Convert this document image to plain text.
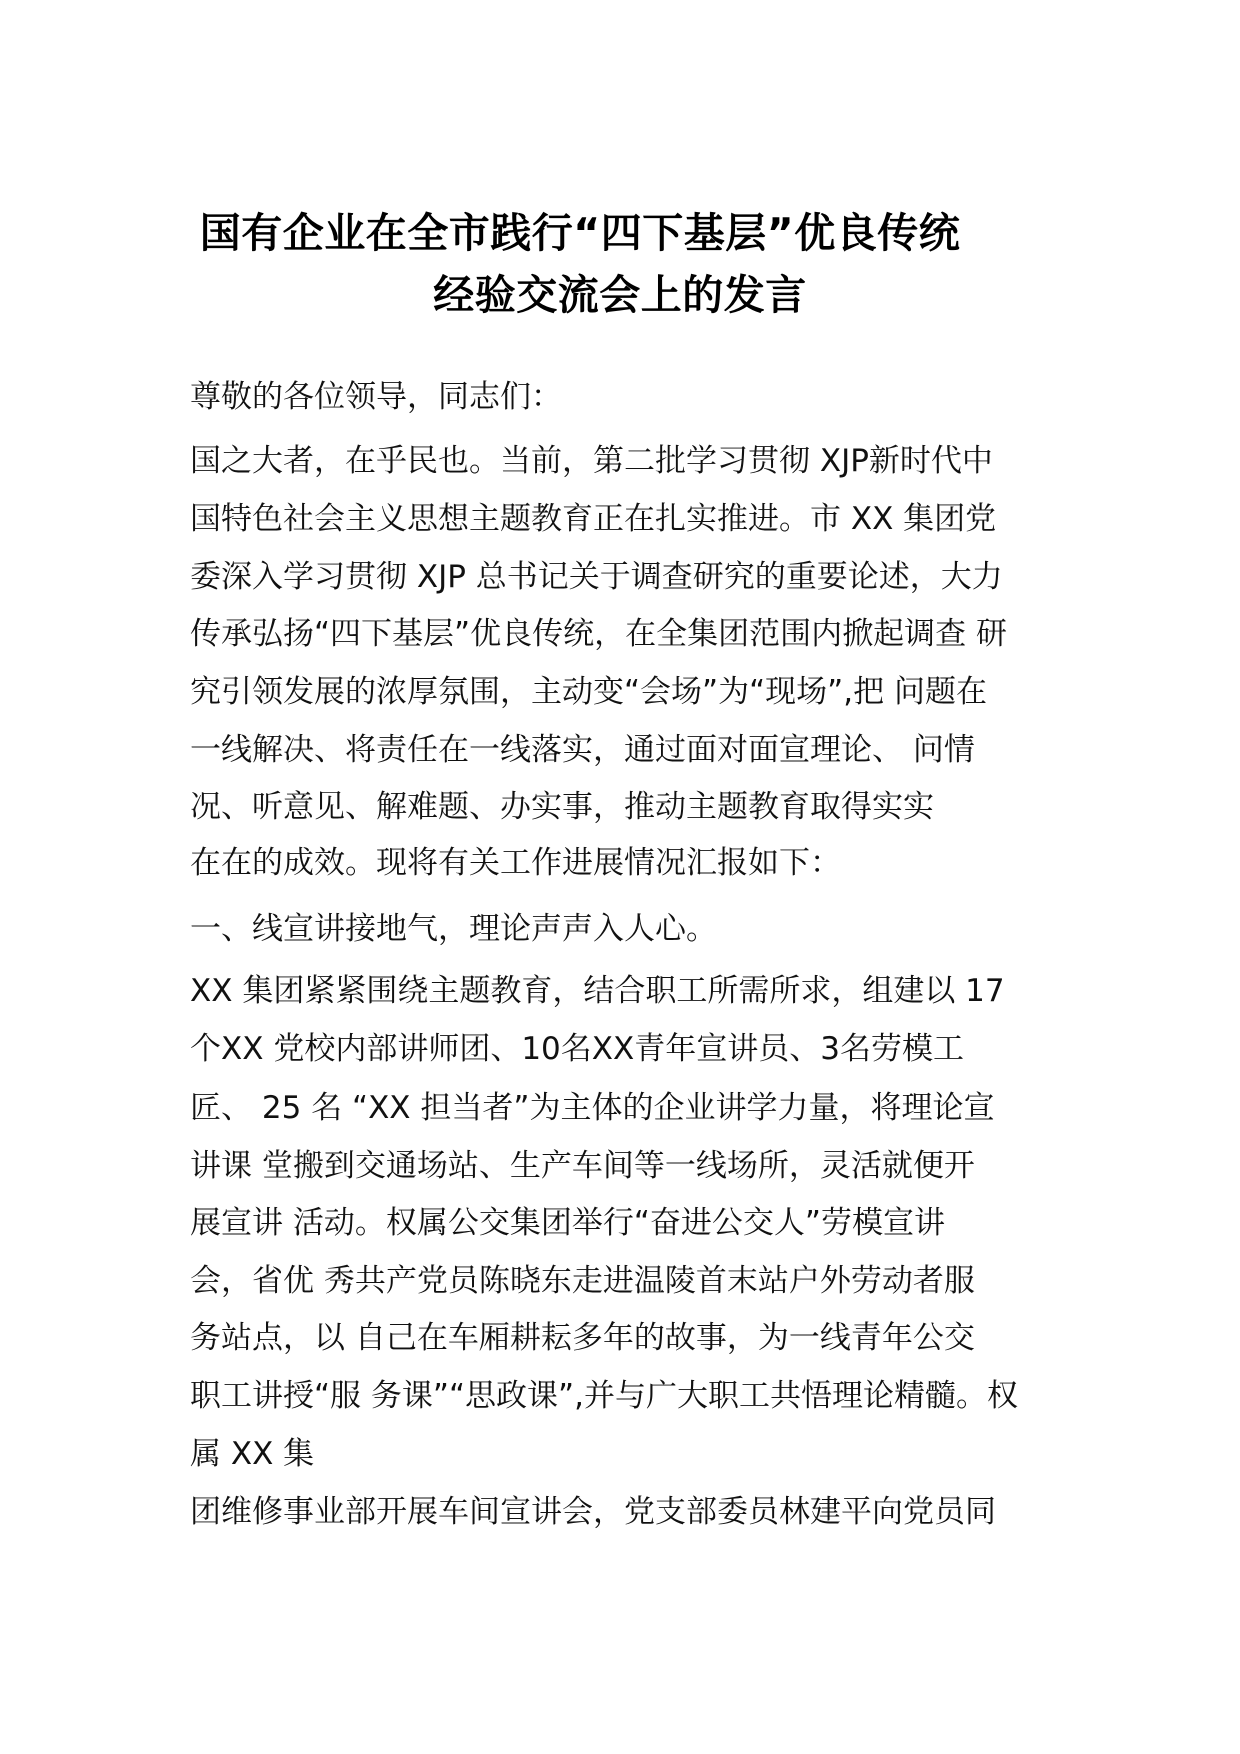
国有企业在全市践行“四下基层”优良传统
经验交流会上的发言
尊敬的各位领导，同志们：
国之大者，在乎民也。当前，第二批学习贯彻 XJP新时代中
国特色社会主义思想主题教育正在扎实推进。市 XX 集团党
委深入学习贯彻 XJP 总书记关于调查研究的重要论述，大力
传承弘扬“四下基层”优良传统，在全集团范围内掀起调查 研
究引领发展的浓厚氛围，主动变“会场”为“现场”,把 问题在
一线解决、将责任在一线落实，通过面对面宣理论、 问情
况、听意见、解难题、办实事，推动主题教育取得实实
在在的成效。现将有关工作进展情况汇报如下：
一、线宣讲接地气，理论声声入人心。
XX 集团紧紧围绕主题教育，结合职工所需所求，组建以 17
个XX 党校内部讲师团、10名XX青年宣讲员、3名劳模工
匠、 25 名 “XX 担当者”为主体的企业讲学力量，将理论宣
讲课 堂搬到交通场站、生产车间等一线场所，灵活就便开
展宣讲 活动。权属公交集团举行“奋进公交人”劳模宣讲
会，省优 秀共产党员陈晓东走进温陵首末站户外劳动者服
务站点，以 自己在车厢耕耘多年的故事，为一线青年公交
职工讲授“服 务课”“思政课”,并与广大职工共悟理论精髓。权
属 XX 集
团维修事业部开展车间宣讲会，党支部委员林建平向党员同
